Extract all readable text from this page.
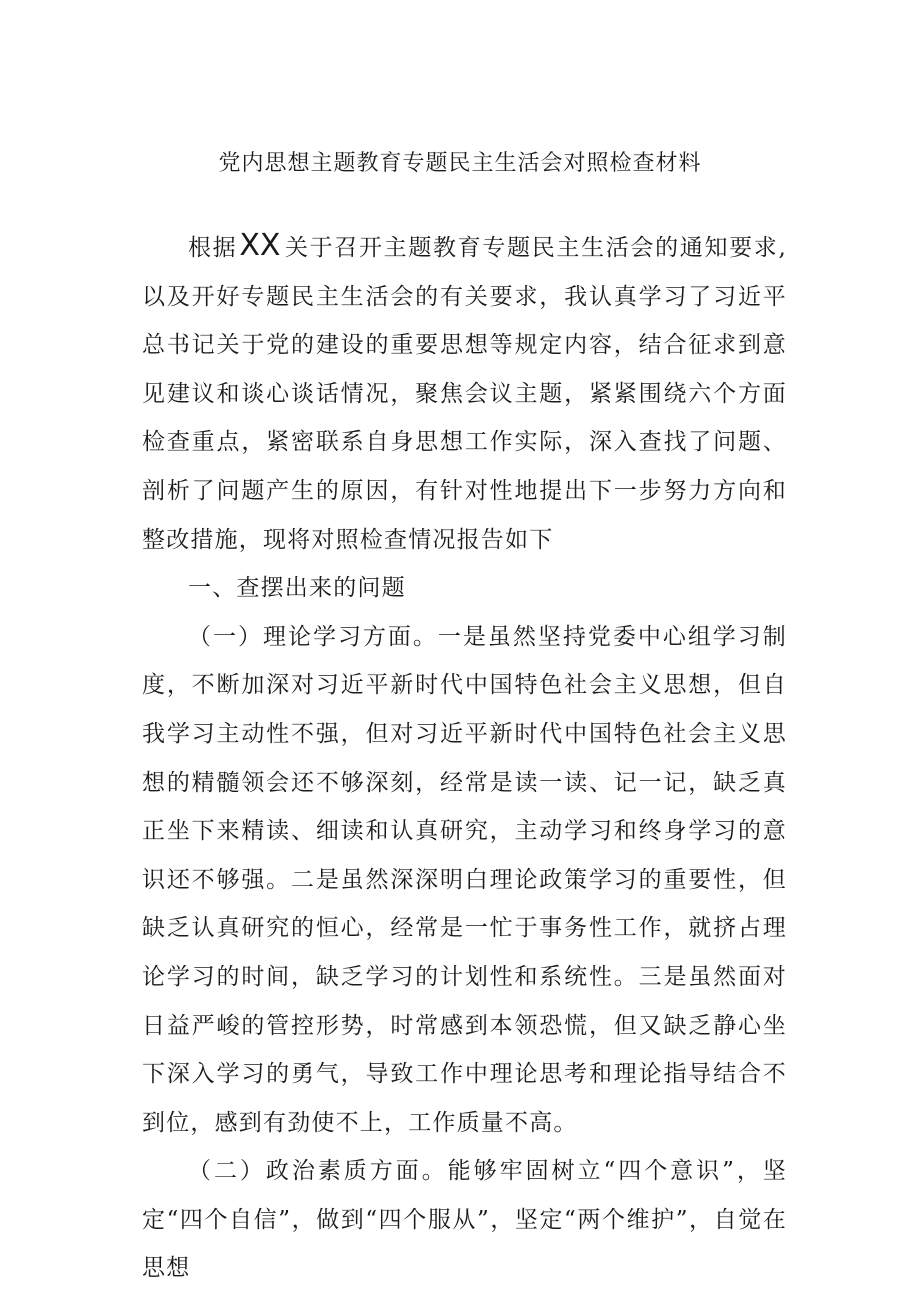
党内思想主题教育专题民主生活会对照检查材料

根据XX 关于召开主题教育专题民主生活会的通知要求,以及开好专题民主生活会的有关要求，我认真学习了习近平总书记关于党的建设的重要思想等规定内容，结合征求到意见建议和谈心谈话情况，聚焦会议主题，紧紧围绕六个方面检查重点，紧密联系自身思想工作实际，深入查找了问题、剖析了问题产生的原因，有针对性地提出下一步努力方向和整改措施，现将对照检查情况报告如下

一、查摆出来的问题

（一）理论学习方面。一是虽然坚持党委中心组学习制度，不断加深对习近平新时代中国特色社会主义思想，但自我学习主动性不强，但对习近平新时代中国特色社会主义思想的精髓领会还不够深刻，经常是读一读、记一记，缺乏真正坐下来精读、细读和认真研究，主动学习和终身学习的意识还不够强。二是虽然深深明白理论政策学习的重要性，但缺乏认真研究的恒心，经常是一忙于事务性工作，就挤占理论学习的时间，缺乏学习的计划性和系统性。三是虽然面对日益严峻的管控形势，时常感到本领恐慌，但又缺乏静心坐下深入学习的勇气，导致工作中理论思考和理论指导结合不到位，感到有劲使不上，工作质量不高。

（二）政治素质方面。能够牢固树立“四个意识”，坚定“四个自信”，做到“四个服从”，坚定“两个维护”，自觉在思想
